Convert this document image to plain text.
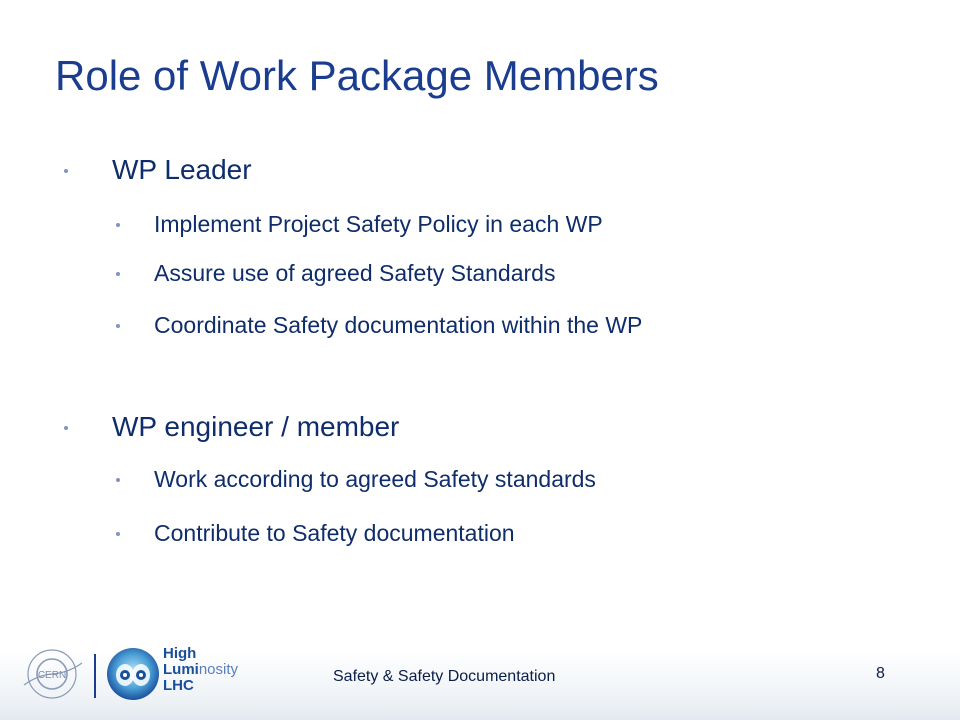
Role of Work Package Members
WP Leader
Implement Project Safety Policy in each WP
Assure use of agreed Safety Standards
Coordinate Safety documentation within the WP
WP engineer / member
Work according to agreed Safety standards
Contribute to Safety documentation
CERN
High
Luminosity
LHC
Safety & Safety Documentation	8
